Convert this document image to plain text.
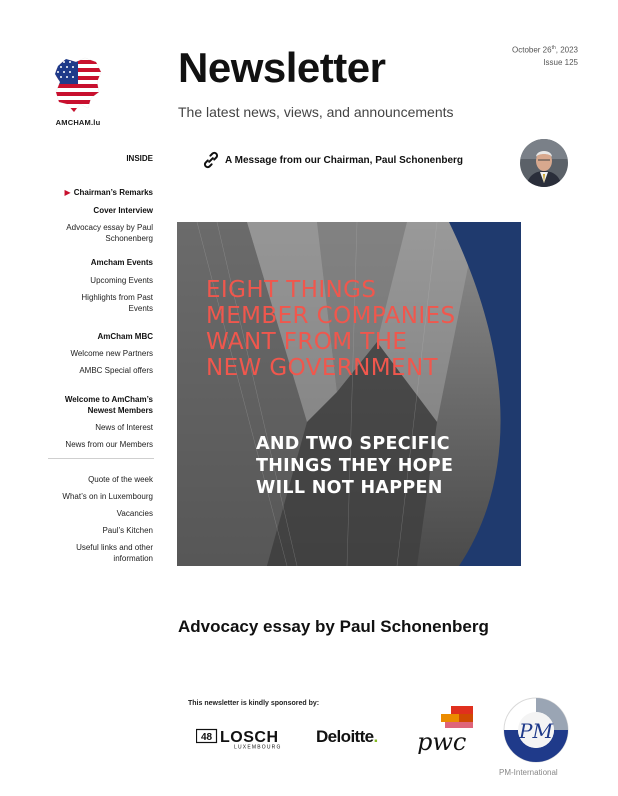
AMCHAM.lu
Newsletter
The latest news, views, and announcements
October 26th, 2023
Issue 125
INSIDE
▶ Chairman’s Remarks
Cover Interview
Advocacy essay by Paul
Schonenberg
Amcham Events
Upcoming Events
Highlights from Past
Events
AmCham MBC
Welcome new Partners
AMBC Special offers
Welcome to AmCham’s
Newest Members
News of Interest
News from our Members
Quote of the week
What’s on in Luxembourg
Vacancies
Paul’s Kitchen
Useful links and other
information
A Message from our Chairman, Paul Schonenberg
EIGHT THINGS
MEMBER COMPANIES
WANT FROM THE
NEW GOVERNMENT
AND TWO SPECIFIC
THINGS THEY HOPE
WILL NOT HAPPEN
Advocacy essay by Paul Schonenberg
This newsletter is kindly sponsored by:
48 LOSCH
LUXEMBOURG
Deloitte. pwc	PM
PM-International
